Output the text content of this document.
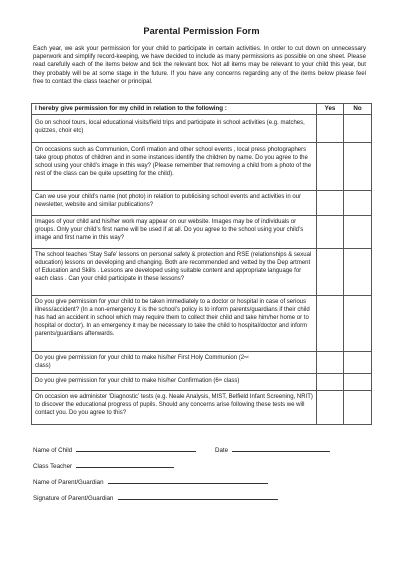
Parental Permission Form
Each year, we ask your permission for your child to participate in certain activities. In order to cut down on unnecessary paperwork and simplify record-keeping, we have decided to include as many permissions as possible on one sheet. Please read carefully each of the items below and tick the relevant box. Not all items may be relevant to your child this year, but they probably will be at some stage in the future. If you have any concerns regarding any of the items below please feel free to contact the class teacher or principal.
I hereby give permission for my child in relation to the following :	Yes	No
Go on school tours, local educational visits/field trips and participate in school activities (e.g. matches, quizzes, choir etc)		
On occasions such as Communion, Confi rmation and other school events , local press photographers take group photos of children and in some instances identify the children by name. Do you agree to the school using your child’s image in this way? (Please remember that removing a child from a photo of the rest of the class can be quite upsetting for the child).		
Can we use your child’s name (not photo) in relation to publicising school events and activities in our newsletter, website and similar publications?		
Images of your child and his/her work may appear on our website. Images may be of individuals or groups. Only your child’s first name will be used if at all. Do you agree to the school using your child’s image and first name in this way?		
The school teaches ‘Stay Safe’ lessons on personal safety & protection and RSE (relationships & sexual education) lessons on developing and changing. Both are recommended and vetted by the Dep artment of Education and Skills . Lessons are developed using suitable content and appropriate language for each class . Can your child participate in these lessons?		
Do you give permission for your child to be taken immediately to a doctor or hospital in case of serious illness/accident? (In a non-emergency it is the school’s policy is to inform parents/guardians if their child has had an accident in school which may require them to collect their child and take him/her home or to hospital or doctor). In an emergency it may be necessary to take the child to hospital/doctor and inform parents/guardians afterwards.		
Do you give permission for your child to make his/her First Holy Communion (2nd
class)		
Do you give permission for your child to make his/her Confirmation (6th class)		
On occasion we administer ‘Diagnostic’ tests (e.g. Neale Analysis, MIST, Belfield Infant Screening, NRIT) to discover the educational progress of pupils. Should any concerns arise following these tests we will contact you. Do you agree to this?		
Name of Child	Date
Class Teacher
Name of Parent/Guardian
Signature of Parent/Guardian
